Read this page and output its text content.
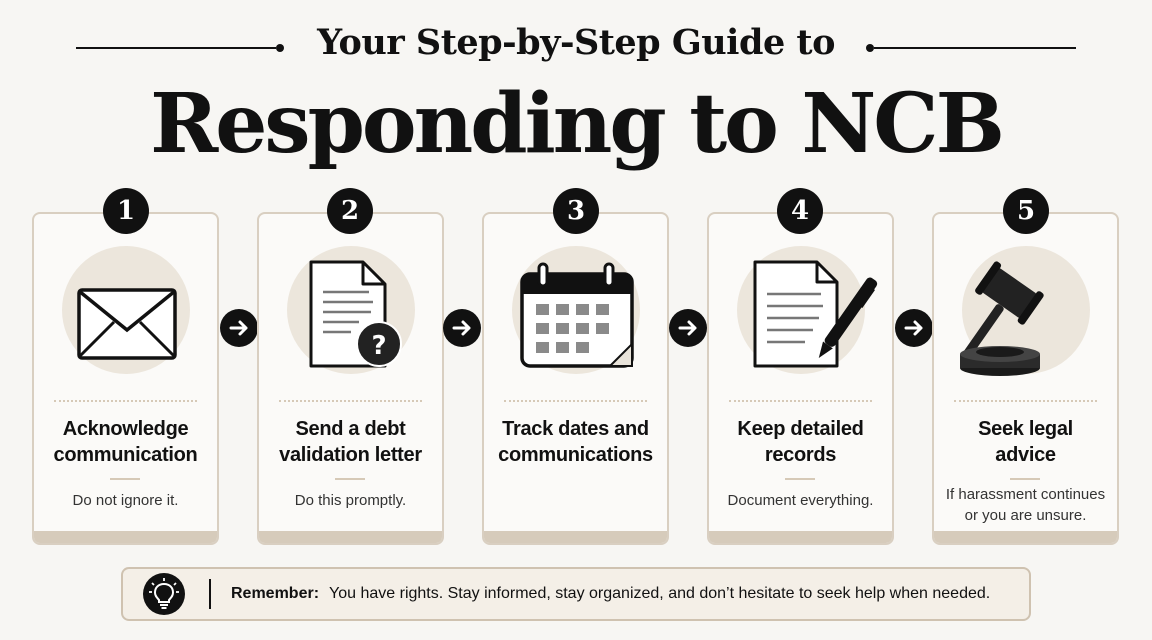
Your Step-by-Step Guide to
Responding to NCB
Acknowledge
communication
Do not ignore it.
1
?
Send a debt
validation letter
Do this promptly.
2
Track dates and
communications
3
Keep detailed
records
Document everything.
4
Seek legal
advice
If harassment continues
or you are unsure.
5
Remember: You have rights. Stay informed, stay organized, and don’t hesitate to seek help when needed.
